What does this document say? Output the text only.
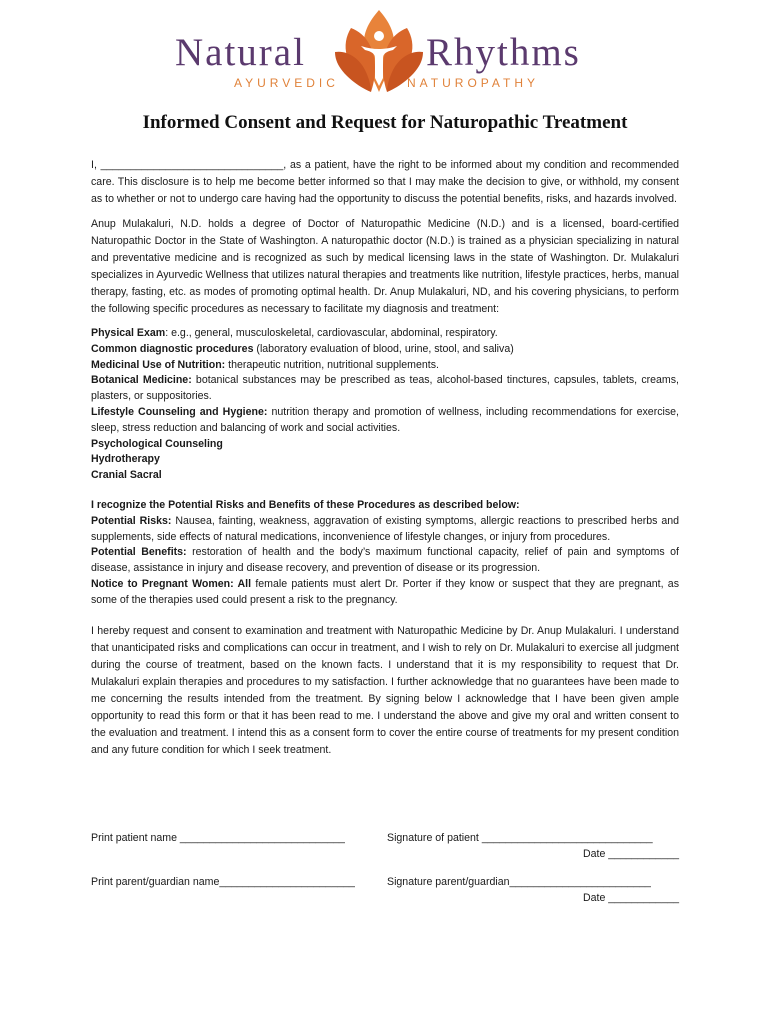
Natural	Rhythms
AYURVEDIC	NATUROPATHY
Informed Consent and Request for Naturopathic Treatment

I, _______________________________, as a patient, have the right to be informed about my condition and recommended care. This disclosure is to help me become better informed so that I may make the decision to give, or withhold, my consent as to whether or not to undergo care having had the opportunity to discuss the potential benefits, risks, and hazards involved.

Anup Mulakaluri, N.D. holds a degree of Doctor of Naturopathic Medicine (N.D.) and is a licensed, board-certified Naturopathic Doctor in the State of Washington. A naturopathic doctor (N.D.) is trained as a physician specializing in natural and preventative medicine and is recognized as such by medical licensing laws in the state of Washington. Dr. Mulakaluri specializes in Ayurvedic Wellness that utilizes natural therapies and treatments like nutrition, lifestyle practices, herbs, manual therapy, fasting, etc. as modes of promoting optimal health. Dr. Anup Mulakaluri, ND, and his covering physicians, to perform the following specific procedures as necessary to facilitate my diagnosis and treatment:

Physical Exam: e.g., general, musculoskeletal, cardiovascular, abdominal, respiratory.

Common diagnostic procedures (laboratory evaluation of blood, urine, stool, and saliva)

Medicinal Use of Nutrition: therapeutic nutrition, nutritional supplements.

Botanical Medicine: botanical substances may be prescribed as teas, alcohol-based tinctures, capsules, tablets, creams, plasters, or suppositories.

Lifestyle Counseling and Hygiene: nutrition therapy and promotion of wellness, including recommendations for exercise, sleep, stress reduction and balancing of work and social activities.

Psychological Counseling

Hydrotherapy

Cranial Sacral

I recognize the Potential Risks and Benefits of these Procedures as described below:

Potential Risks: Nausea, fainting, weakness, aggravation of existing symptoms, allergic reactions to prescribed herbs and supplements, side effects of natural medications, inconvenience of lifestyle changes, or injury from procedures.

Potential Benefits: restoration of health and the body’s maximum functional capacity, relief of pain and symptoms of disease, assistance in injury and disease recovery, and prevention of disease or its progression.

Notice to Pregnant Women: All female patients must alert Dr. Porter if they know or suspect that they are pregnant, as some of the therapies used could present a risk to the pregnancy.

I hereby request and consent to examination and treatment with Naturopathic Medicine by Dr. Anup Mulakaluri. I understand that unanticipated risks and complications can occur in treatment, and I wish to rely on Dr. Mulakaluri to exercise all judgment during the course of treatment, based on the known facts. I understand that it is my responsibility to request that Dr. Mulakaluri explain therapies and procedures to my satisfaction. I further acknowledge that no guarantees have been made to me concerning the results intended from the treatment. By signing below I acknowledge that I have been given ample opportunity to read this form or that it has been read to me. I understand the above and give my oral and written consent to the evaluation and treatment. I intend this as a consent form to cover the entire course of treatments for my present condition and any future condition for which I seek treatment.

Print patient name ____________________________	Signature of patient _____________________________
Date ____________
Print parent/guardian name_______________________	Signature parent/guardian________________________
Date ____________
